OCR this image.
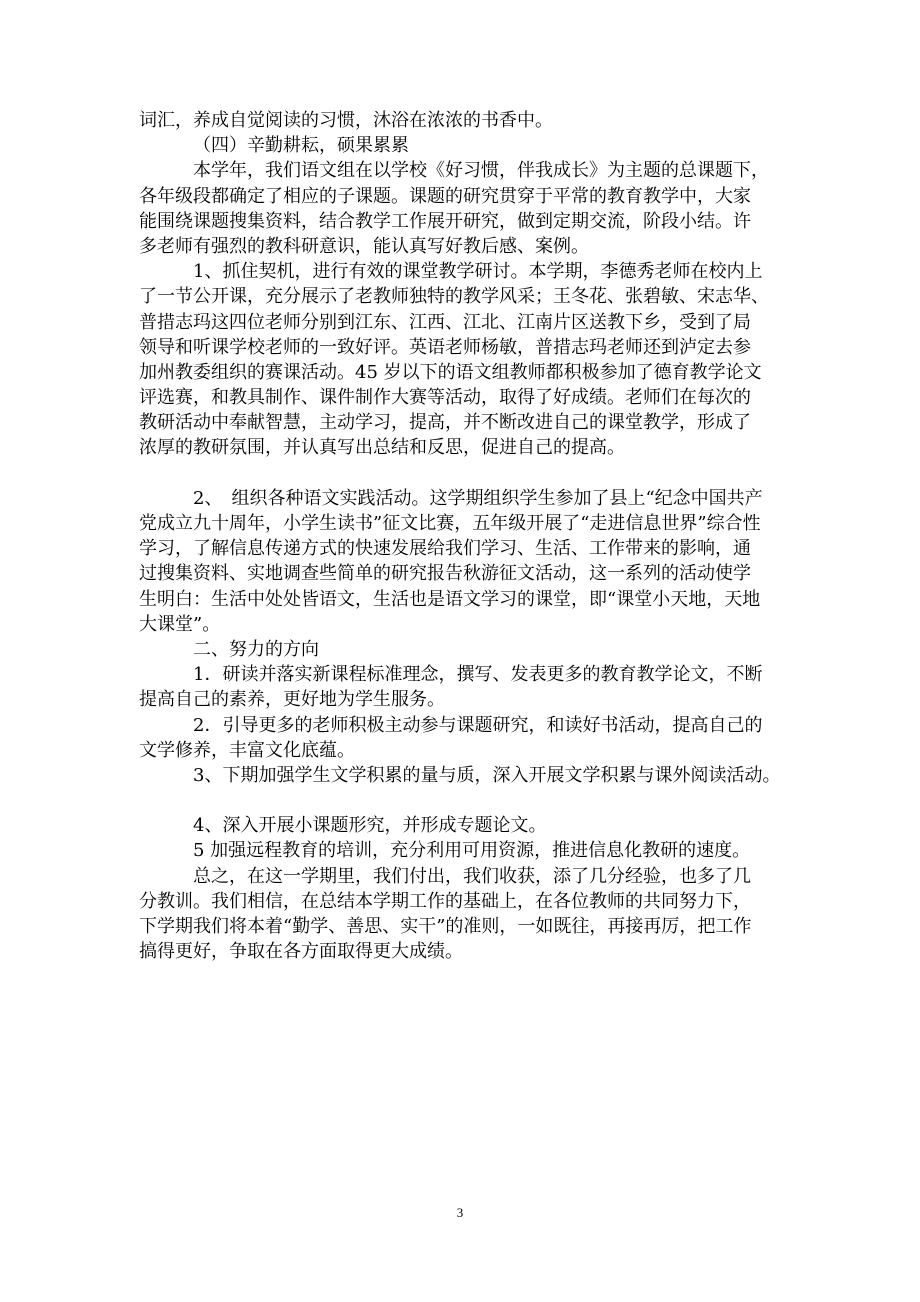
词汇，养成自觉阅读的习惯，沐浴在浓浓的书香中。
（四）辛勤耕耘，硕果累累
本学年，我们语文组在以学校《好习惯，伴我成长》为主题的总课题下，
各年级段都确定了相应的子课题。课题的研究贯穿于平常的教育教学中，大家
能围绕课题搜集资料，结合教学工作展开研究，做到定期交流，阶段小结。许
多老师有强烈的教科研意识，能认真写好教后感、案例。
1、抓住契机，进行有效的课堂教学研讨。本学期，李德秀老师在校内上
了一节公开课，充分展示了老教师独特的教学风采；王冬花、张碧敏、宋志华、
普措志玛这四位老师分别到江东、江西、江北、江南片区送教下乡，受到了局
领导和听课学校老师的一致好评。英语老师杨敏，普措志玛老师还到泸定去参
加州教委组织的赛课活动。45 岁以下的语文组教师都积极参加了德育教学论文
评选赛，和教具制作、课件制作大赛等活动，取得了好成绩。老师们在每次的
教研活动中奉献智慧，主动学习，提高，并不断改进自己的课堂教学，形成了
浓厚的教研氛围，并认真写出总结和反思，促进自己的提高。
2、　组织各种语文实践活动。这学期组织学生参加了县上“纪念中国共产
党成立九十周年，小学生读书”征文比赛，五年级开展了“走进信息世界”综合性
学习，了解信息传递方式的快速发展给我们学习、生活、工作带来的影响，通
过搜集资料、实地调查些简单的研究报告秋游征文活动，这一系列的活动使学
生明白：生活中处处皆语文，生活也是语文学习的课堂，即“课堂小天地，天地
大课堂”。
二、努力的方向
1．研读并落实新课程标准理念，撰写、发表更多的教育教学论文，不断
提高自己的素养，更好地为学生服务。
2．引导更多的老师积极主动参与课题研究，和读好书活动，提高自己的
文学修养，丰富文化底蕴。
3、下期加强学生文学积累的量与质，深入开展文学积累与课外阅读活动。
4、深入开展小课题形究，并形成专题论文。
5 加强远程教育的培训，充分利用可用资源，推进信息化教研的速度。
总之，在这一学期里，我们付出，我们收获，添了几分经验，也多了几
分教训。我们相信，在总结本学期工作的基础上，在各位教师的共同努力下，
下学期我们将本着“勤学、善思、实干”的准则，一如既往，再接再厉，把工作
搞得更好，争取在各方面取得更大成绩。
3
